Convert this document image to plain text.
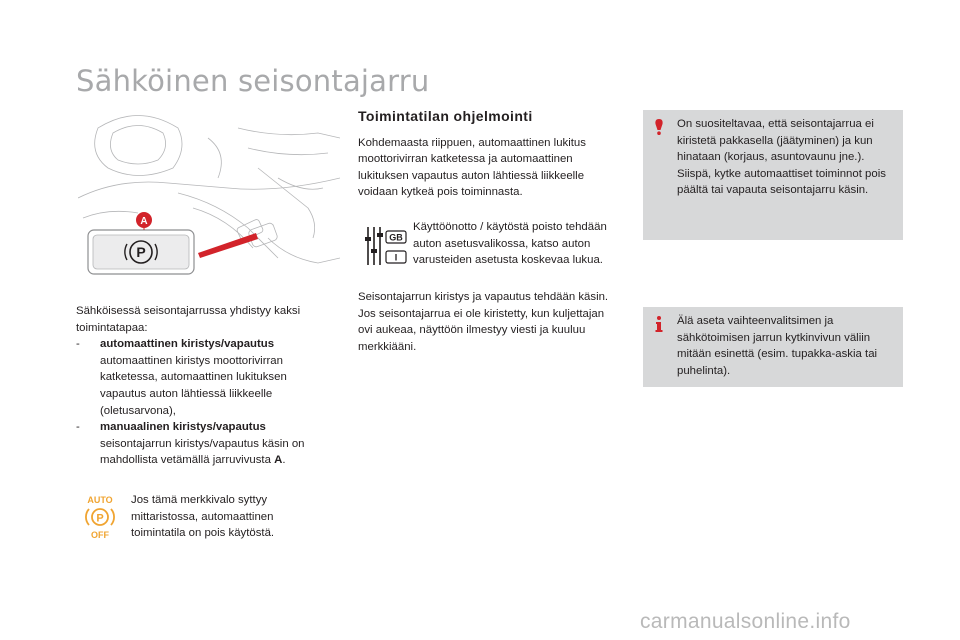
Sähköinen seisontajarru
P
A

Sähköisessä seisontajarrussa yhdistyy kaksi toimintatapaa:

-	automaattinen kiristys/vapautus
automaattinen kiristys moottorivirran katketessa, automaattinen lukituksen vapautus auton lähtiessä liikkeelle (oletusarvona),
-	manuaalinen kiristys/vapautus
seisontajarrun kiristys/vapautus käsin on mahdollista vetämällä jarruvivusta A.
AUTO
P
OFF

Jos tämä merkkivalo syttyy mittaristossa, automaattinen toimintatila on pois käytöstä.

Toimintatilan ohjelmointi

Kohdemaasta riippuen, automaattinen lukitus moottorivirran katketessa ja automaattinen lukituksen vapautus auton lähtiessä liikkeelle voidaan kytkeä pois toiminnasta.

GB
I

Käyttöönotto / käytöstä poisto tehdään auton asetusvalikossa, katso auton varusteiden asetusta koskevaa lukua.

Seisontajarrun kiristys ja vapautus tehdään käsin. Jos seisontajarrua ei ole kiristetty, kun kuljettajan ovi aukeaa, näyttöön ilmestyy viesti ja kuuluu merkkiääni.

On suositeltavaa, että seisontajarrua ei kiristetä pakkasella (jäätyminen) ja kun hinataan (korjaus, asuntovaunu jne.). Siispä, kytke automaattiset toiminnot pois päältä tai vapauta seisontajarru käsin.

Älä aseta vaihteenvalitsimen ja sähkötoimisen jarrun kytkinvivun väliin mitään esinettä (esim. tupakka-askia tai puhelinta).

carmanualsonline.info
